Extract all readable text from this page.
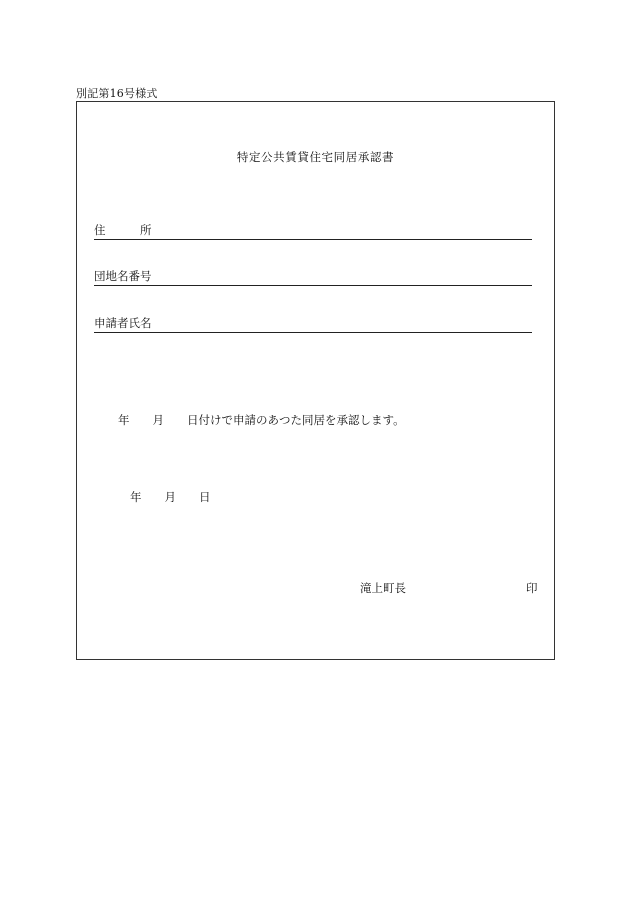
別記第16号様式
特定公共賃貸住宅同居承認書
住　　　所
団地名番号
申請者氏名
年　　月　　日付けで申請のあつた同居を承認します。
年　　月　　日
滝上町長	印
